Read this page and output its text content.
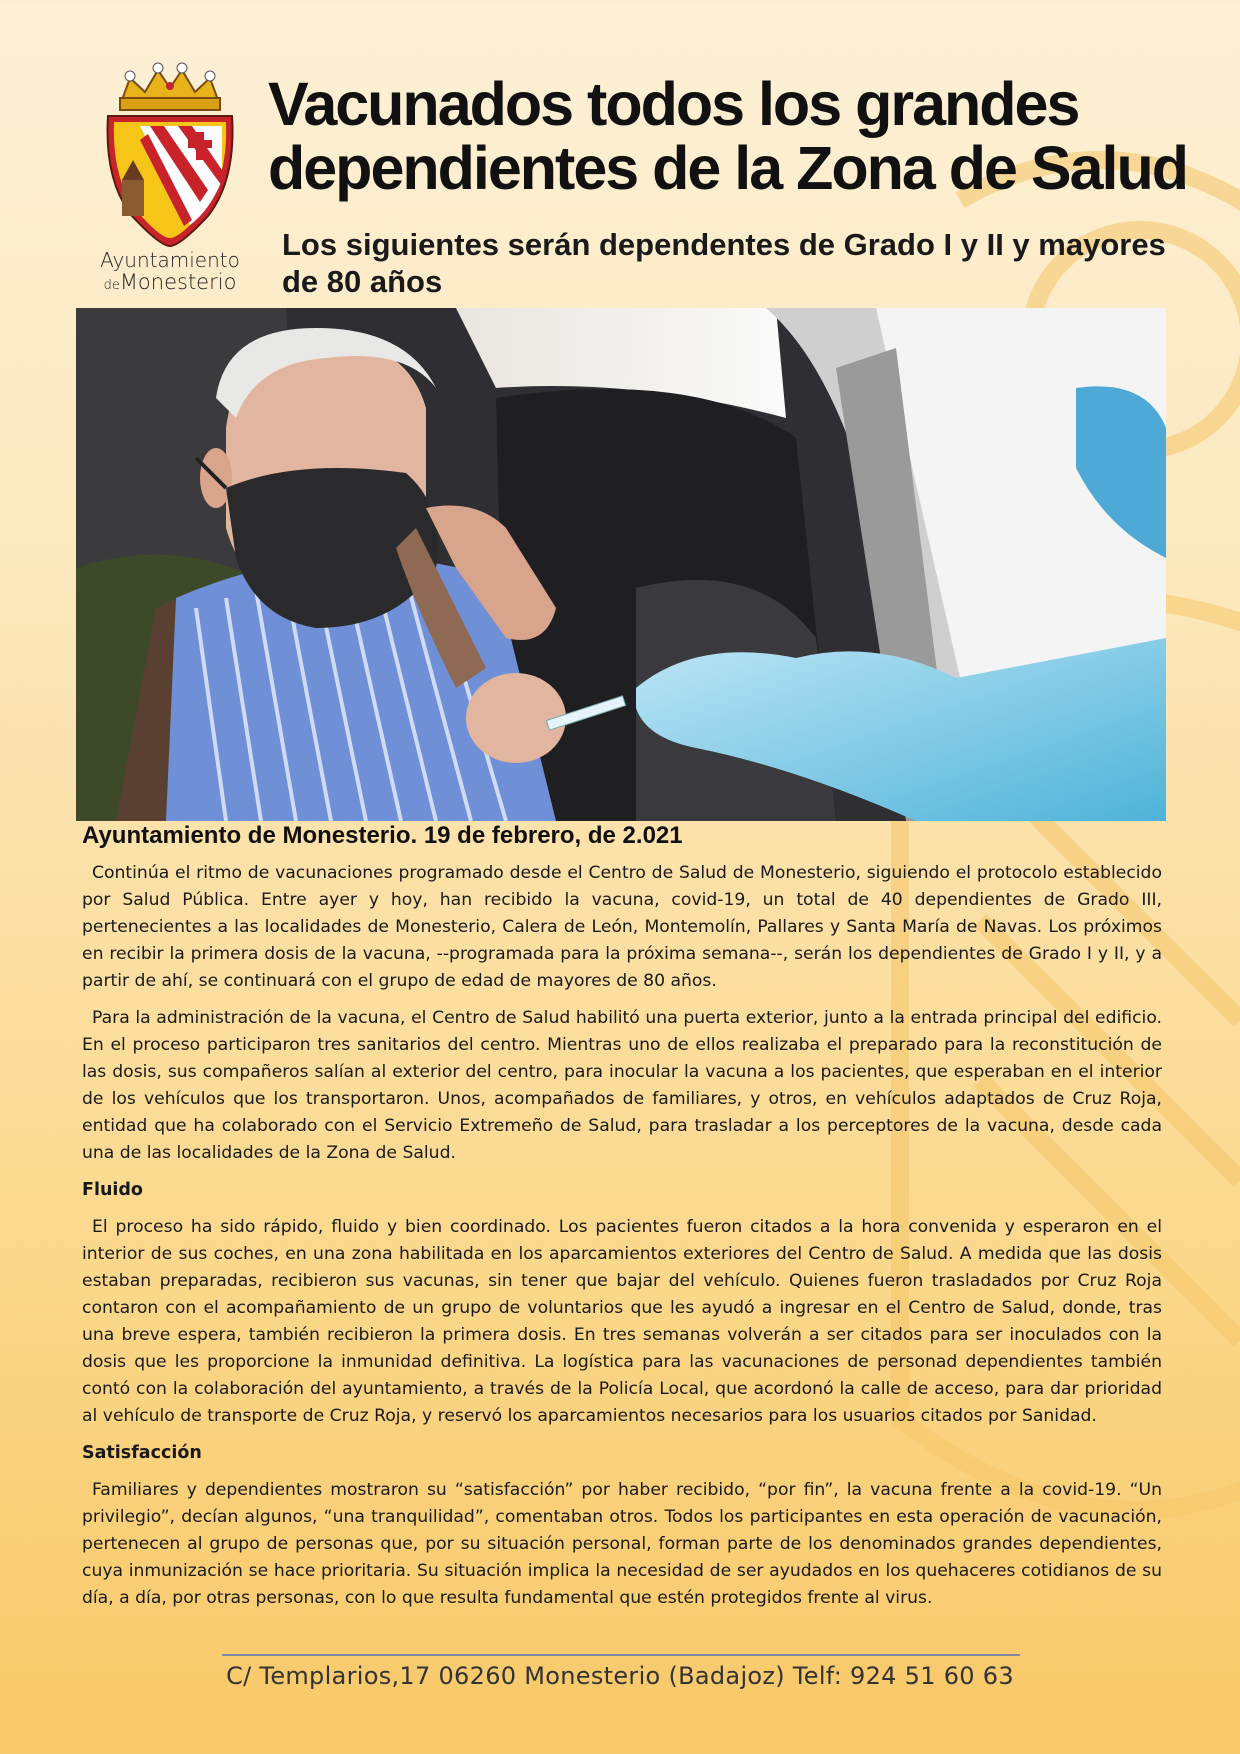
Ayuntamiento
deMonesterio
Vacunados todos los grandes dependientes de la Zona de Salud
Los siguientes serán dependentes de Grado I y II y mayores de 80 años
Ayuntamiento de Monesterio. 19 de febrero, de 2.021

Continúa el ritmo de vacunaciones programado desde el Centro de Salud de Monesterio, siguiendo el protocolo establecido por Salud Pública. Entre ayer y hoy, han recibido la vacuna, covid-19, un total de 40 dependientes de Grado III, pertenecientes a las localidades de Monesterio, Calera de León, Montemolín, Pallares y Santa María de Navas. Los próximos en recibir la primera dosis de la vacuna, --programada para la próxima semana--, serán los dependientes de Grado I y II, y a partir de ahí, se continuará con el grupo de edad de mayores de 80 años.

Para la administración de la vacuna, el Centro de Salud habilitó una puerta exterior, junto a la entrada principal del edificio. En el proceso participaron tres sanitarios del centro. Mientras uno de ellos realizaba el preparado para la reconstitución de las dosis, sus compañeros salían al exterior del centro, para inocular la vacuna a los pacientes, que esperaban en el interior de los vehículos que los transportaron. Unos, acompañados de familiares, y otros, en vehículos adaptados de Cruz Roja, entidad que ha colaborado con el Servicio Extremeño de Salud, para trasladar a los perceptores de la vacuna, desde cada una de las localidades de la Zona de Salud.

Fluido

El proceso ha sido rápido, fluido y bien coordinado. Los pacientes fueron citados a la hora convenida y esperaron en el interior de sus coches, en una zona habilitada en los aparcamientos exteriores del Centro de Salud. A medida que las dosis estaban preparadas, recibieron sus vacunas, sin tener que bajar del vehículo. Quienes fueron trasladados por Cruz Roja contaron con el acompañamiento de un grupo de voluntarios que les ayudó a ingresar en el Centro de Salud, donde, tras una breve espera, también recibieron la primera dosis. En tres semanas volverán a ser citados para ser inoculados con la dosis que les proporcione la inmunidad definitiva. La logística para las vacunaciones de personad dependientes también contó con la colaboración del ayuntamiento, a través de la Policía Local, que acordonó la calle de acceso, para dar prioridad al vehículo de transporte de Cruz Roja, y reservó los aparcamientos necesarios para los usuarios citados por Sanidad.

Satisfacción

Familiares y dependientes mostraron su “satisfacción” por haber recibido, “por fin”, la vacuna frente a la covid-19. “Un privilegio”, decían algunos, “una tranquilidad”, comentaban otros. Todos los participantes en esta operación de vacunación, pertenecen al grupo de personas que, por su situación personal, forman parte de los denominados grandes dependientes, cuya inmunización se hace prioritaria. Su situación implica la necesidad de ser ayudados en los quehaceres cotidianos de su día, a día, por otras personas, con lo que resulta fundamental que estén protegidos frente al virus.

C/ Templarios,17 06260 Monesterio (Badajoz) Telf: 924 51 60 63
